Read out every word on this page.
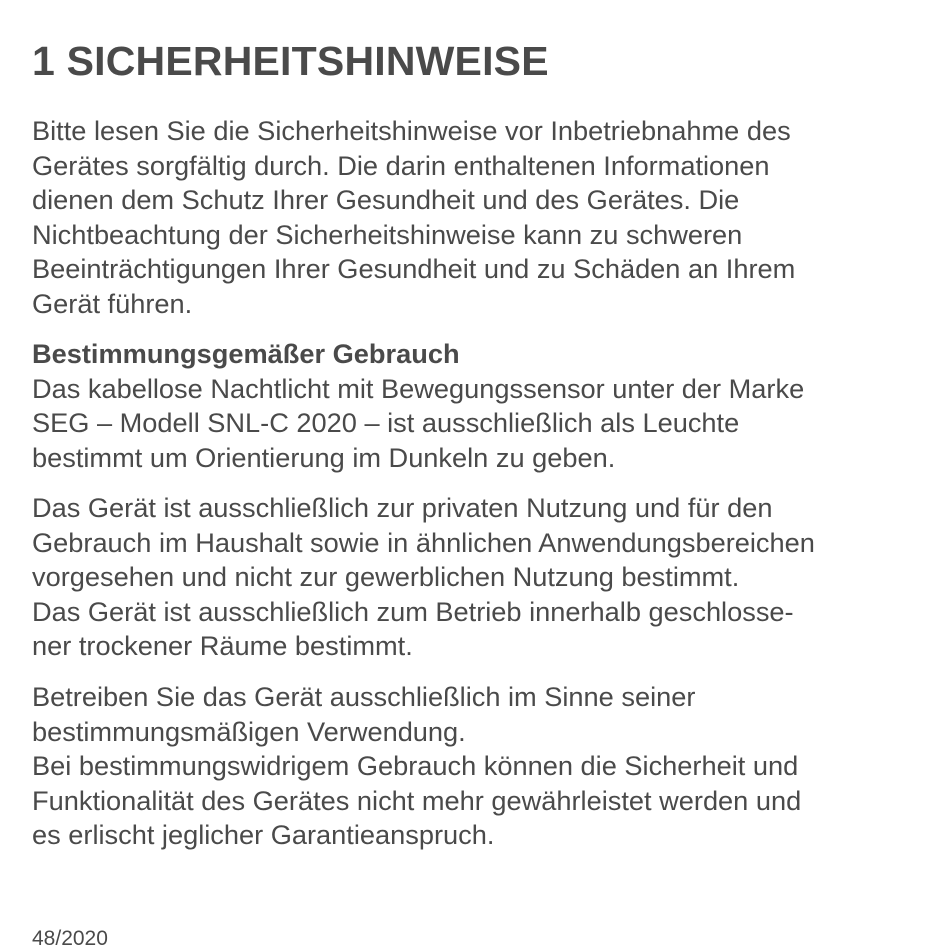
1 SICHERHEITSHINWEISE

Bitte lesen Sie die Sicherheitshinweise vor Inbetriebnahme des
Gerätes sorgfältig durch. Die darin enthaltenen Informationen
dienen dem Schutz Ihrer Gesundheit und des Gerätes. Die
Nichtbeachtung der Sicherheitshinweise kann zu schweren
Beeinträchtigungen Ihrer Gesundheit und zu Schäden an Ihrem
Gerät führen.

Bestimmungsgemäßer Gebrauch
Das kabellose Nachtlicht mit Bewegungssensor unter der Marke
SEG – Modell SNL-C 2020 – ist ausschließlich als Leuchte
bestimmt um Orientierung im Dunkeln zu geben.

Das Gerät ist ausschließlich zur privaten Nutzung und für den
Gebrauch im Haushalt sowie in ähnlichen Anwendungsbereichen
vorgesehen und nicht zur gewerblichen Nutzung bestimmt.
Das Gerät ist ausschließlich zum Betrieb innerhalb geschlosse-
ner trockener Räume bestimmt.

Betreiben Sie das Gerät ausschließlich im Sinne seiner
bestimmungsmäßigen Verwendung.
Bei bestimmungswidrigem Gebrauch können die Sicherheit und
Funktionalität des Gerätes nicht mehr gewährleistet werden und
es erlischt jeglicher Garantieanspruch.

48/2020
